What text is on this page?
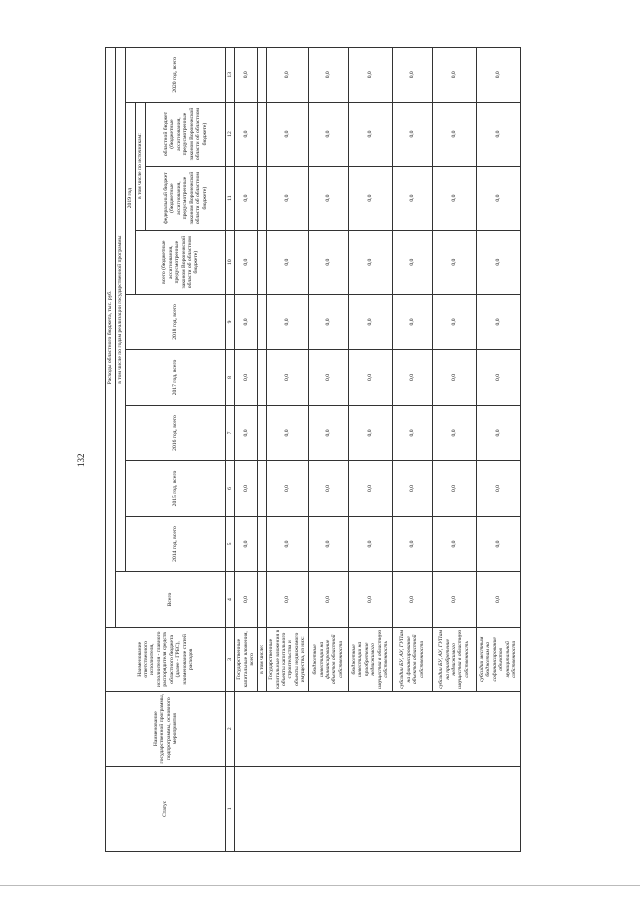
132
Статус	Наименование государственной программы, подпрограммы, основного мероприятия	Наименование ответственного исполнителя, исполнителя - главного распорядителя средств областного бюджета (далее - ГРБС), наименование статей расходов	Расходы областного бюджета, тыс. руб.									
			Всего	в том числе по годам реализации государственной программы								
				2014 год, всего	2015 год, всего	2016 год, всего	2017 год, всего	2018 год, всего	2019 год			2020 год, всего
									всего (бюджетные ассигнования, предусмотренные законом Воронежской области об областном бюджете)	в том числе по источникам:		
										федеральный бюджет (бюджетные ассигнования, предусмотренные законом Воронежской области об областном бюджете)	областной бюджет (бюджетные ассигнования, предусмотренные законом Воронежской области об областном бюджете)	
1	2	3	4	5	6	7	8	9	10	11	12	13
		Государственные капитальные вложения, всего	0,0	0,0	0,0	0,0	0,0	0,0	0,0	0,0	0,0	0,0
		в том числе:										
		Государственные капитальные вложения в объекты капитального строительства и объекты недвижимого имущества, из них:	0,0	0,0	0,0	0,0	0,0	0,0	0,0	0,0	0,0	0,0
		бюджетные инвестиции на финансирование объектов областной собственности	0,0	0,0	0,0	0,0	0,0	0,0	0,0	0,0	0,0	0,0
		бюджетные инвестиции на приобретение недвижимого имущества в областную собственность	0,0	0,0	0,0	0,0	0,0	0,0	0,0	0,0	0,0	0,0
		субсидии БУ, АУ, ГУПам на финансирование объектов областной собственности	0,0	0,0	0,0	0,0	0,0	0,0	0,0	0,0	0,0	0,0
		субсидии БУ, АУ, ГУПам на приобретение недвижимого имущества в областную собственность	0,0	0,0	0,0	0,0	0,0	0,0	0,0	0,0	0,0	0,0
		субсидии местным бюджетам на софинансирование объектов муниципальной собственности	0,0	0,0	0,0	0,0	0,0	0,0	0,0	0,0	0,0	0,0
